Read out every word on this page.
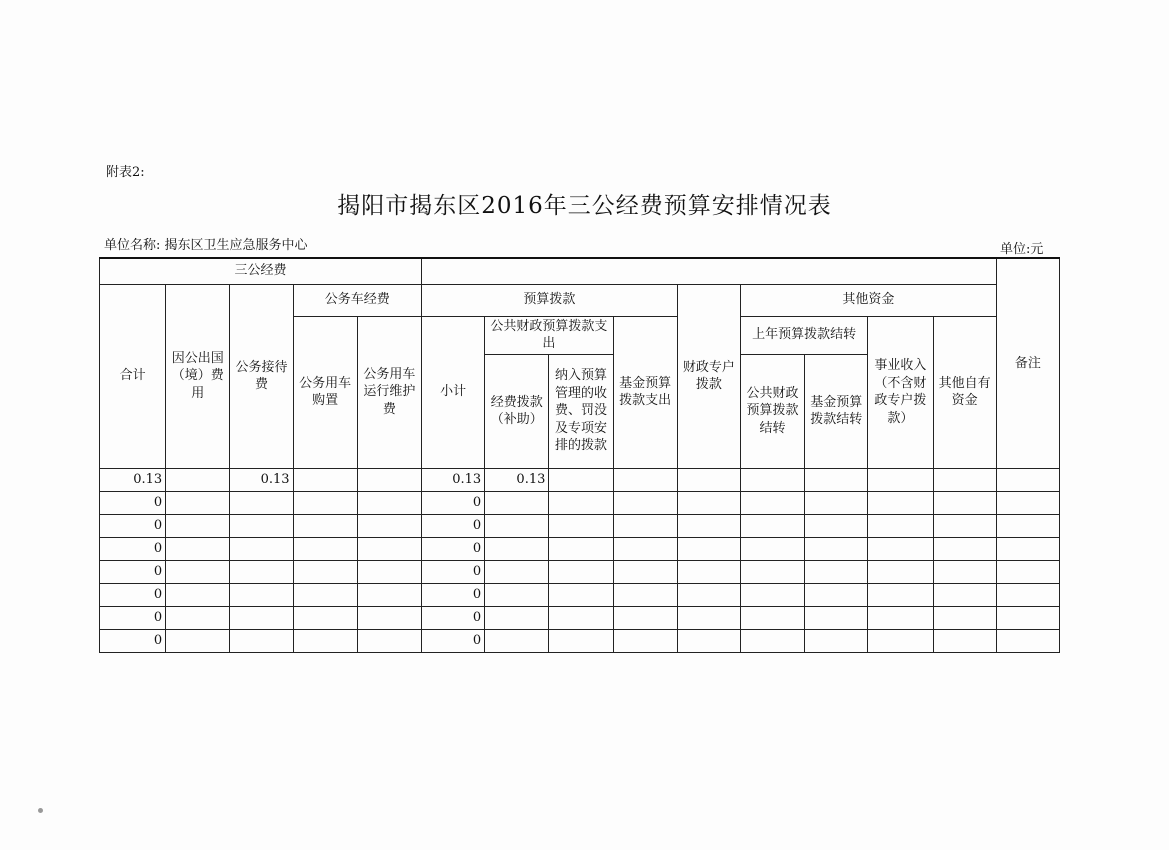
附表2:
揭阳市揭东区2016年三公经费预算安排情况表
单位名称: 揭东区卫生应急服务中心	单位:元
三公经费														备注
合计	因公出国（境）费用	公务接待费	公务车经费		预算拨款				财政专户拨款	其他资金				
			公务用车购置	公务用车运行维护费	小计	公共财政预算拨款支出		基金预算拨款支出		上年预算拨款结转		事业收入（不含财政专户拨款）	其他自有资金	
						经费拨款（补助）	纳入预算管理的收费、罚没及专项安排的拨款			公共财政预算拨款结转	基金预算拨款结转			
0.13		0.13			0.13	0.13								
0					0									
0					0									
0					0									
0					0									
0					0									
0					0									
0					0									
